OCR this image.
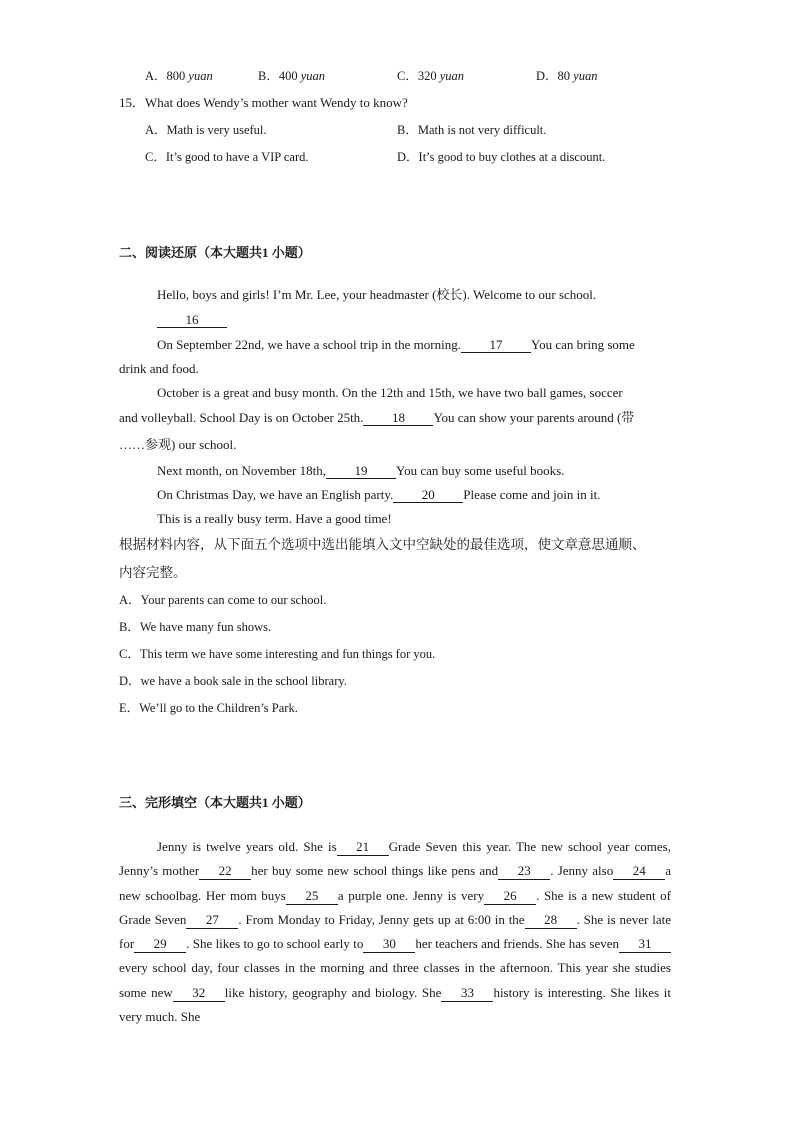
A．800 yuan	B．400 yuan	C．320 yuan	D．80 yuan
15．What does Wendy’s mother want Wendy to know?
A．Math is very useful.	B．Math is not very difficult.
C．It’s good to have a VIP card.	D．It’s good to buy clothes at a discount.
二、阅读还原（本大题共1 小题）
Hello, boys and girls! I’m Mr. Lee, your headmaster (校长). Welcome to our school.
16
On September 22nd, we have a school trip in the morning. 17 You can bring some
drink and food.
October is a great and busy month. On the 12th and 15th, we have two ball games, soccer
and volleyball. School Day is on October 25th. 18 You can show your parents around (带
……参观) our school.
Next month, on November 18th, 19 You can buy some useful books.
On Christmas Day, we have an English party. 20 Please come and join in it.
This is a really busy term. Have a good time!
根据材料内容，从下面五个选项中选出能填入文中空缺处的最佳选项，使文章意思通顺、
内容完整。
A．Your parents can come to our school.
B．We have many fun shows.
C．This term we have some interesting and fun things for you.
D．we have a book sale in the school library.
E．We’ll go to the Children’s Park.
三、完形填空（本大题共1 小题）
Jenny is twelve years old. She is 21 Grade Seven this year. The new school year comes, Jenny’s mother 22 her buy some new school things like pens and 23 . Jenny also 24 a new schoolbag. Her mom buys 25 a purple one. Jenny is very 26 . She is a new student of Grade Seven 27 . From Monday to Friday, Jenny gets up at 6:00 in the 28 . She is never late for 29 . She likes to go to school early to 30 her teachers and friends. She has seven 31every school day, four classes in the morning and three classes in the afternoon. This year she studies some new 32 like history, geography and biology. She 33 history is interesting. She likes it very much. She
